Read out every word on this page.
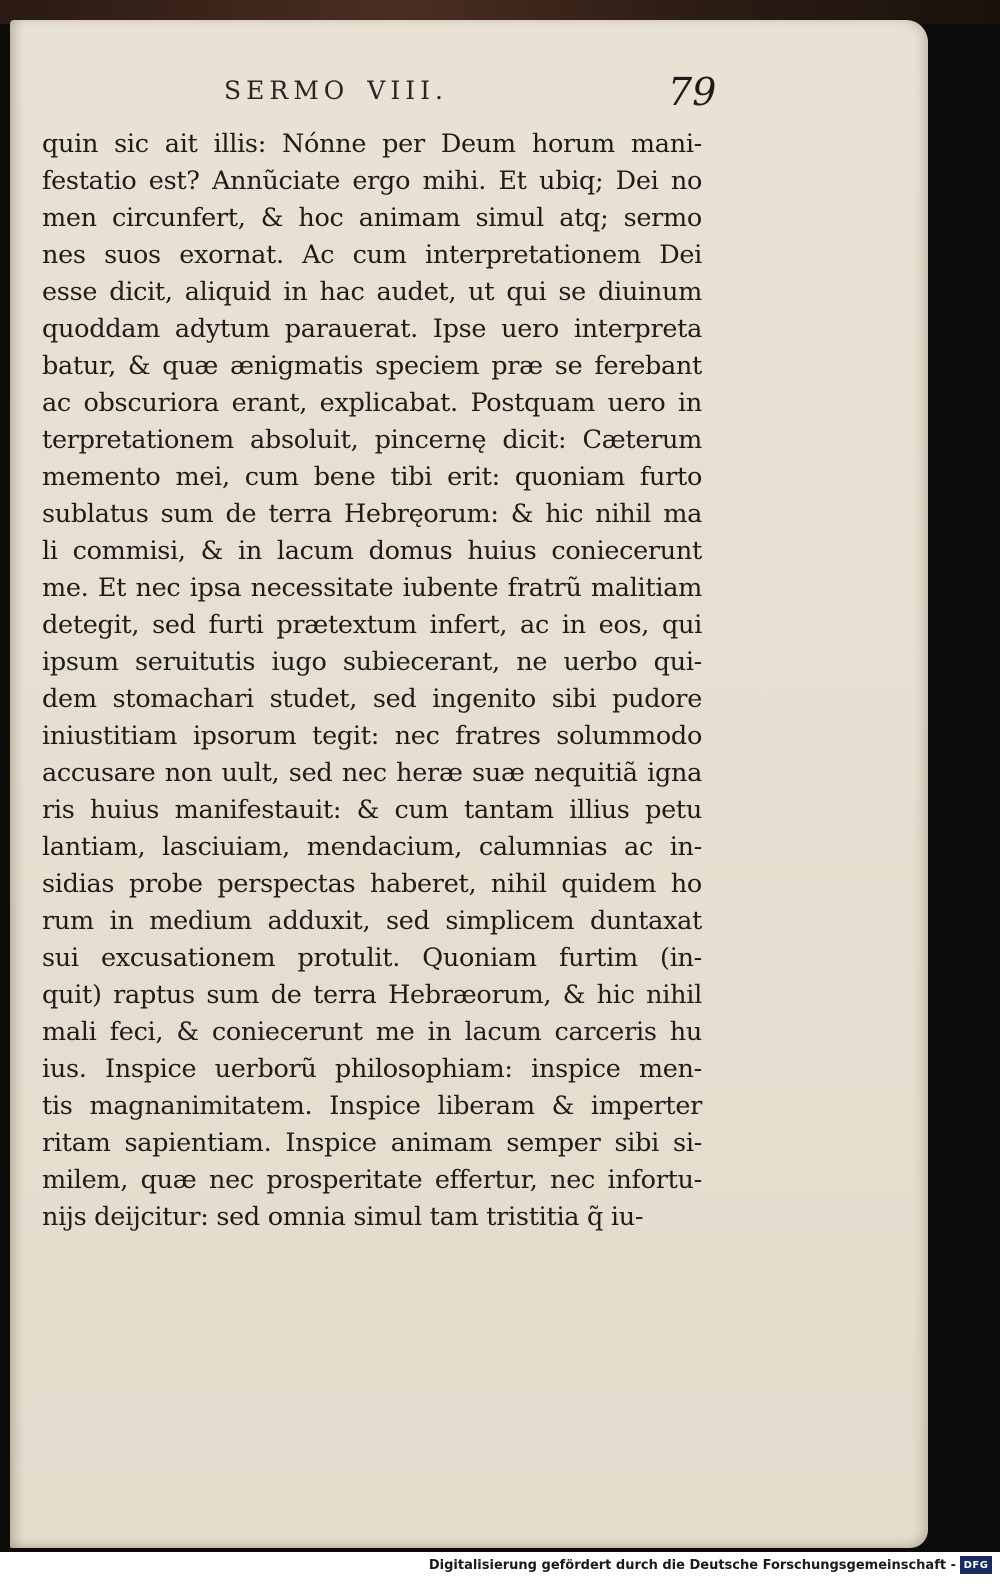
SERMO VIII.	79
quin sic ait illis: Nónne per Deum horum mani-
festatio est? Annũciate ergo mihi. Et ubiq; Dei no
men circunfert, & hoc animam simul atq; sermo
nes suos exornat. Ac cum interpretationem Dei
esse dicit, aliquid in hac audet, ut qui se diuinum
quoddam adytum parauerat. Ipse uero interpreta
batur, & quæ ænigmatis speciem præ se ferebant
ac obscuriora erant, explicabat. Postquam uero in
terpretationem absoluit, pincernę dicit: Cæterum
memento mei, cum bene tibi erit: quoniam furto
sublatus sum de terra Hebręorum: & hic nihil ma
li commisi, & in lacum domus huius coniecerunt
me. Et nec ipsa necessitate iubente fratrũ malitiam
detegit, sed furti prætextum infert, ac in eos, qui
ipsum seruitutis iugo subiecerant, ne uerbo qui-
dem stomachari studet, sed ingenito sibi pudore
iniustitiam ipsorum tegit: nec fratres solummodo
accusare non uult, sed nec heræ suæ nequitiã igna
ris huius manifestauit: & cum tantam illius petu
lantiam, lasciuiam, mendacium, calumnias ac in-
sidias probe perspectas haberet, nihil quidem ho
rum in medium adduxit, sed simplicem duntaxat
sui excusationem protulit. Quoniam furtim (in-
quit) raptus sum de terra Hebræorum, & hic nihil
mali feci, & coniecerunt me in lacum carceris hu
ius. Inspice uerborũ philosophiam: inspice men-
tis magnanimitatem. Inspice liberam & imperter
ritam sapientiam. Inspice animam semper sibi si-
milem, quæ nec prosperitate effertur, nec infortu-
nijs deijcitur: sed omnia simul tam tristitia q̃ iu-
Digitalisierung gefördert durch die Deutsche Forschungsgemeinschaft - DFG
